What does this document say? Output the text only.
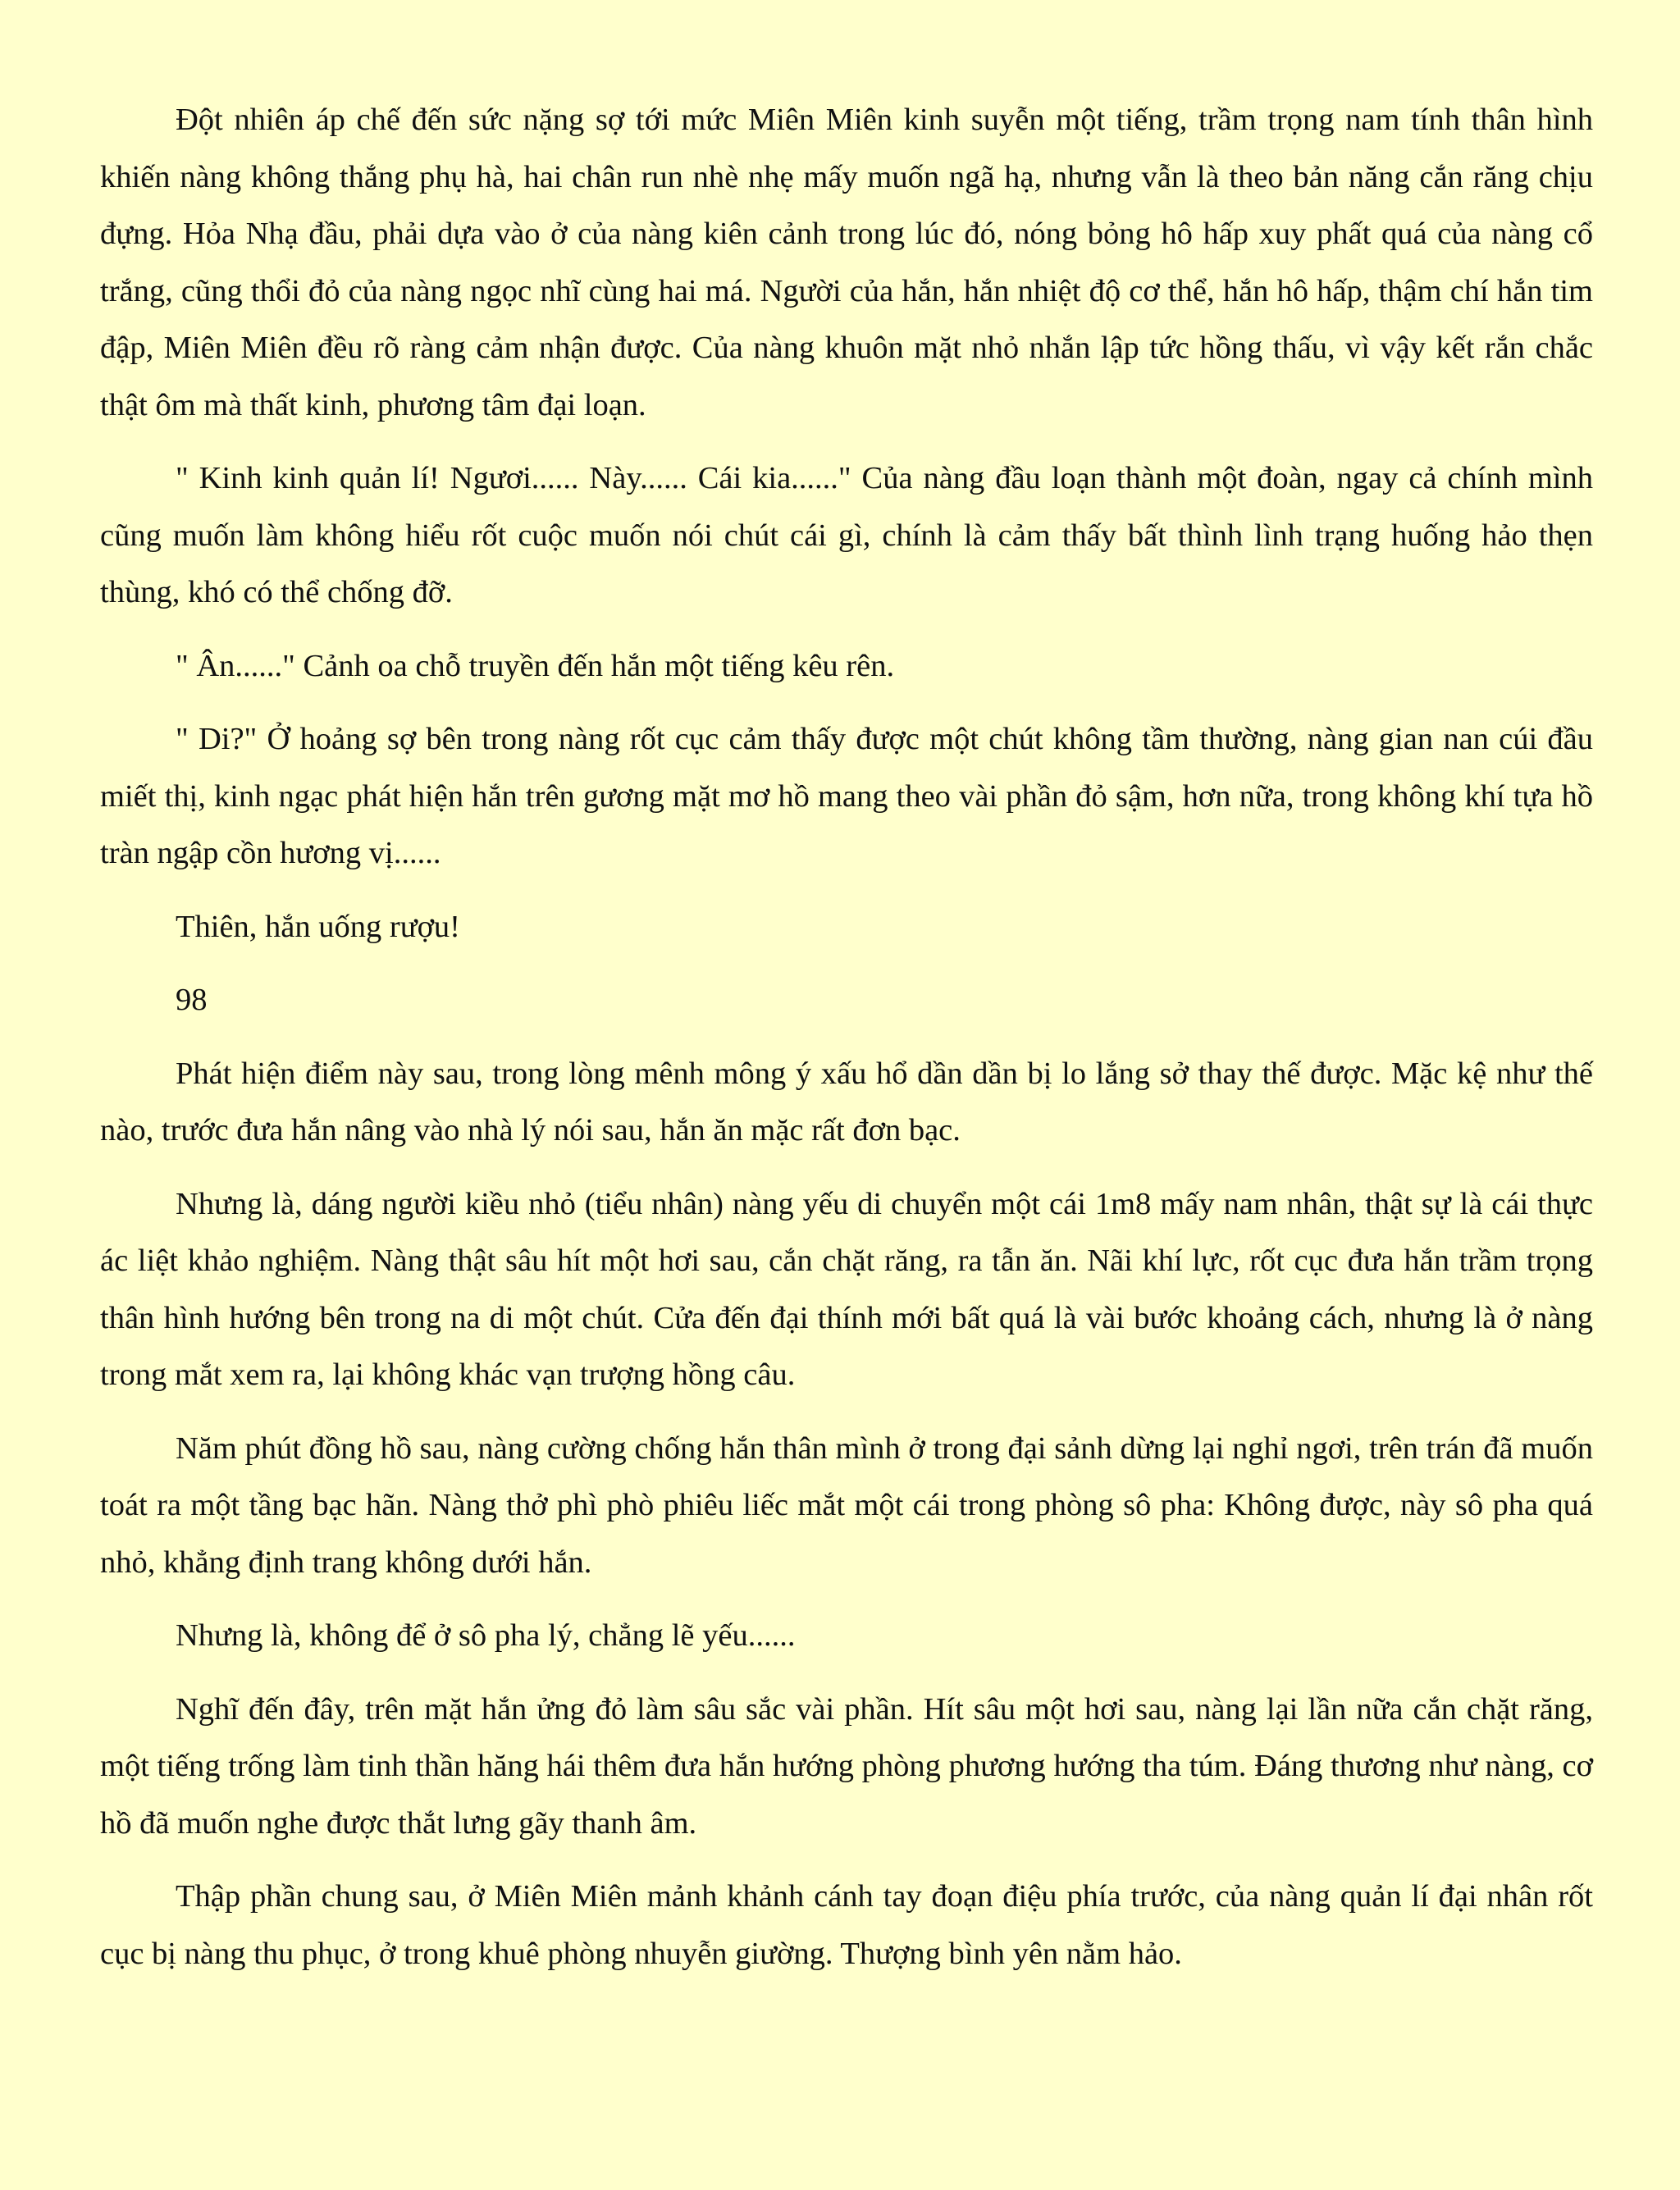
Đột nhiên áp chế đến sức nặng sợ tới mức Miên Miên kinh suyễn một tiếng, trầm trọng nam tính thân hình khiến nàng không thắng phụ hà, hai chân run nhè nhẹ mấy muốn ngã hạ, nhưng vẫn là theo bản năng cắn răng chịu đựng. Hỏa Nhạ đầu, phải dựa vào ở của nàng kiên cảnh trong lúc đó, nóng bỏng hô hấp xuy phất quá của nàng cổ trắng, cũng thổi đỏ của nàng ngọc nhĩ cùng hai má. Người của hắn, hắn nhiệt độ cơ thể, hắn hô hấp, thậm chí hắn tim đập, Miên Miên đều rõ ràng cảm nhận được. Của nàng khuôn mặt nhỏ nhắn lập tức hồng thấu, vì vậy kết rắn chắc thật ôm mà thất kinh, phương tâm đại loạn.

" Kinh kinh quản lí! Ngươi...... Này...... Cái kia......" Của nàng đầu loạn thành một đoàn, ngay cả chính mình cũng muốn làm không hiểu rốt cuộc muốn nói chút cái gì, chính là cảm thấy bất thình lình trạng huống hảo thẹn thùng, khó có thể chống đỡ.

" Ân......" Cảnh oa chỗ truyền đến hắn một tiếng kêu rên.

" Di?" Ở hoảng sợ bên trong nàng rốt cục cảm thấy được một chút không tầm thường, nàng gian nan cúi đầu miết thị, kinh ngạc phát hiện hắn trên gương mặt mơ hồ mang theo vài phần đỏ sậm, hơn nữa, trong không khí tựa hồ tràn ngập cồn hương vị......

Thiên, hắn uống rượu!

98

Phát hiện điểm này sau, trong lòng mênh mông ý xấu hổ dần dần bị lo lắng sở thay thế được. Mặc kệ như thế nào, trước đưa hắn nâng vào nhà lý nói sau, hắn ăn mặc rất đơn bạc.

Nhưng là, dáng người kiều nhỏ (tiểu nhân) nàng yếu di chuyển một cái 1m8 mấy nam nhân, thật sự là cái thực ác liệt khảo nghiệm. Nàng thật sâu hít một hơi sau, cắn chặt răng, ra tẫn ăn. Nãi khí lực, rốt cục đưa hắn trầm trọng thân hình hướng bên trong na di một chút. Cửa đến đại thính mới bất quá là vài bước khoảng cách, nhưng là ở nàng trong mắt xem ra, lại không khác vạn trượng hồng câu.

Năm phút đồng hồ sau, nàng cường chống hắn thân mình ở trong đại sảnh dừng lại nghỉ ngơi, trên trán đã muốn toát ra một tầng bạc hãn. Nàng thở phì phò phiêu liếc mắt một cái trong phòng sô pha: Không được, này sô pha quá nhỏ, khẳng định trang không dưới hắn.

Nhưng là, không để ở sô pha lý, chẳng lẽ yếu......

Nghĩ đến đây, trên mặt hắn ửng đỏ làm sâu sắc vài phần. Hít sâu một hơi sau, nàng lại lần nữa cắn chặt răng, một tiếng trống làm tinh thần hăng hái thêm đưa hắn hướng phòng phương hướng tha túm. Đáng thương như nàng, cơ hồ đã muốn nghe được thắt lưng gãy thanh âm.

Thập phần chung sau, ở Miên Miên mảnh khảnh cánh tay đoạn điệu phía trước, của nàng quản lí đại nhân rốt cục bị nàng thu phục, ở trong khuê phòng nhuyễn giường. Thượng bình yên nằm hảo.
